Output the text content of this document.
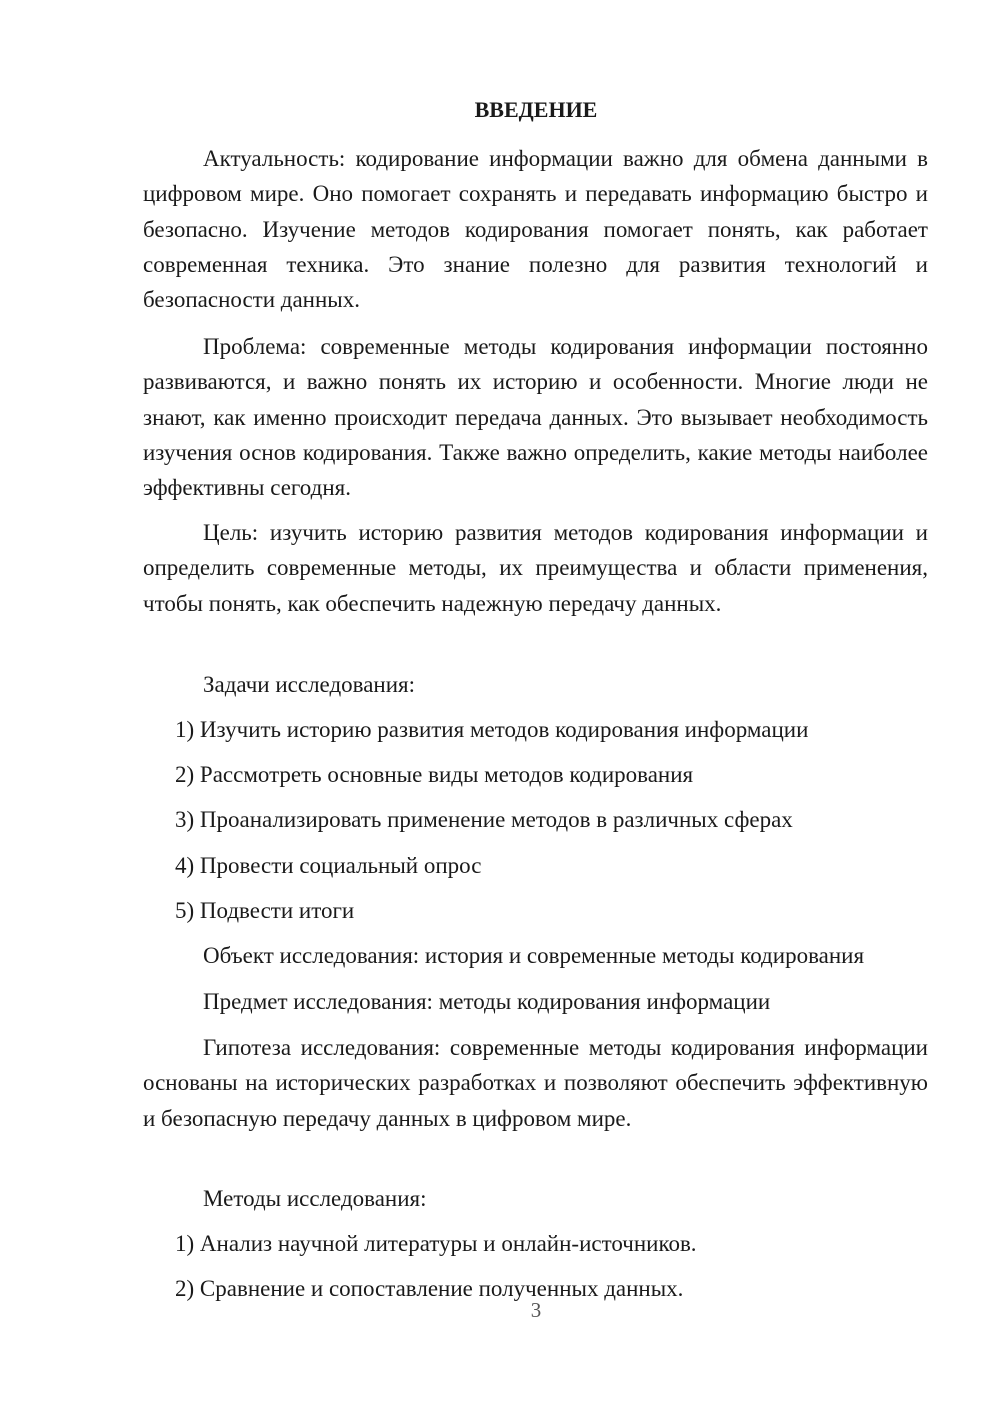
ВВЕДЕНИЕ

Актуальность: кодирование информации важно для обмена данными в цифровом мире. Оно помогает сохранять и передавать информацию быстро и безопасно. Изучение методов кодирования помогает понять, как работает современная техника. Это знание полезно для развития технологий и безопасности данных.

Проблема: современные методы кодирования информации постоянно развиваются, и важно понять их историю и особенности. Многие люди не знают, как именно происходит передача данных. Это вызывает необходимость изучения основ кодирования. Также важно определить, какие методы наиболее эффективны сегодня.

Цель: изучить историю развития методов кодирования информации и определить современные методы, их преимущества и области применения, чтобы понять, как обеспечить надежную передачу данных.

Задачи исследования:

1) Изучить историю развития методов кодирования информации

2) Рассмотреть основные виды методов кодирования

3) Проанализировать применение методов в различных сферах

4) Провести социальный опрос

5) Подвести итоги

Объект исследования: история и современные методы кодирования

Предмет исследования: методы кодирования информации

Гипотеза исследования: современные методы кодирования информации основаны на исторических разработках и позволяют обеспечить эффективную и безопасную передачу данных в цифровом мире.

Методы исследования:

1) Анализ научной литературы и онлайн-источников.

2) Сравнение и сопоставление полученных данных.

3
